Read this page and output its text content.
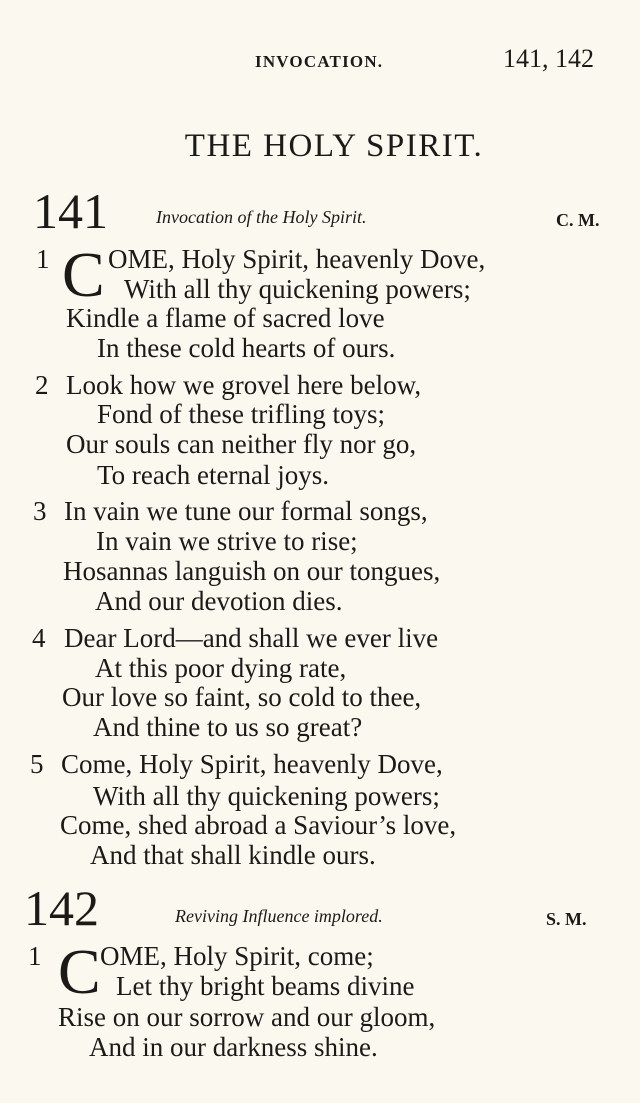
INVOCATION.	141, 142
THE HOLY SPIRIT.
141	Invocation of the Holy Spirit.	C. M.
1 C OME, Holy Spirit, heavenly Dove,
With all thy quickening powers;
Kindle a flame of sacred love
In these cold hearts of ours.
2 Look how we grovel here below,
Fond of these trifling toys;
Our souls can neither fly nor go,
To reach eternal joys.
3 In vain we tune our formal songs,
In vain we strive to rise;
Hosannas languish on our tongues,
And our devotion dies.
4 Dear Lord—and shall we ever live
At this poor dying rate,
Our love so faint, so cold to thee,
And thine to us so great?
5 Come, Holy Spirit, heavenly Dove,
With all thy quickening powers;
Come, shed abroad a Saviour’s love,
And that shall kindle ours.
142	Reviving Influence implored.	S. M.
1 C OME, Holy Spirit, come;
Let thy bright beams divine
Rise on our sorrow and our gloom,
And in our darkness shine.
